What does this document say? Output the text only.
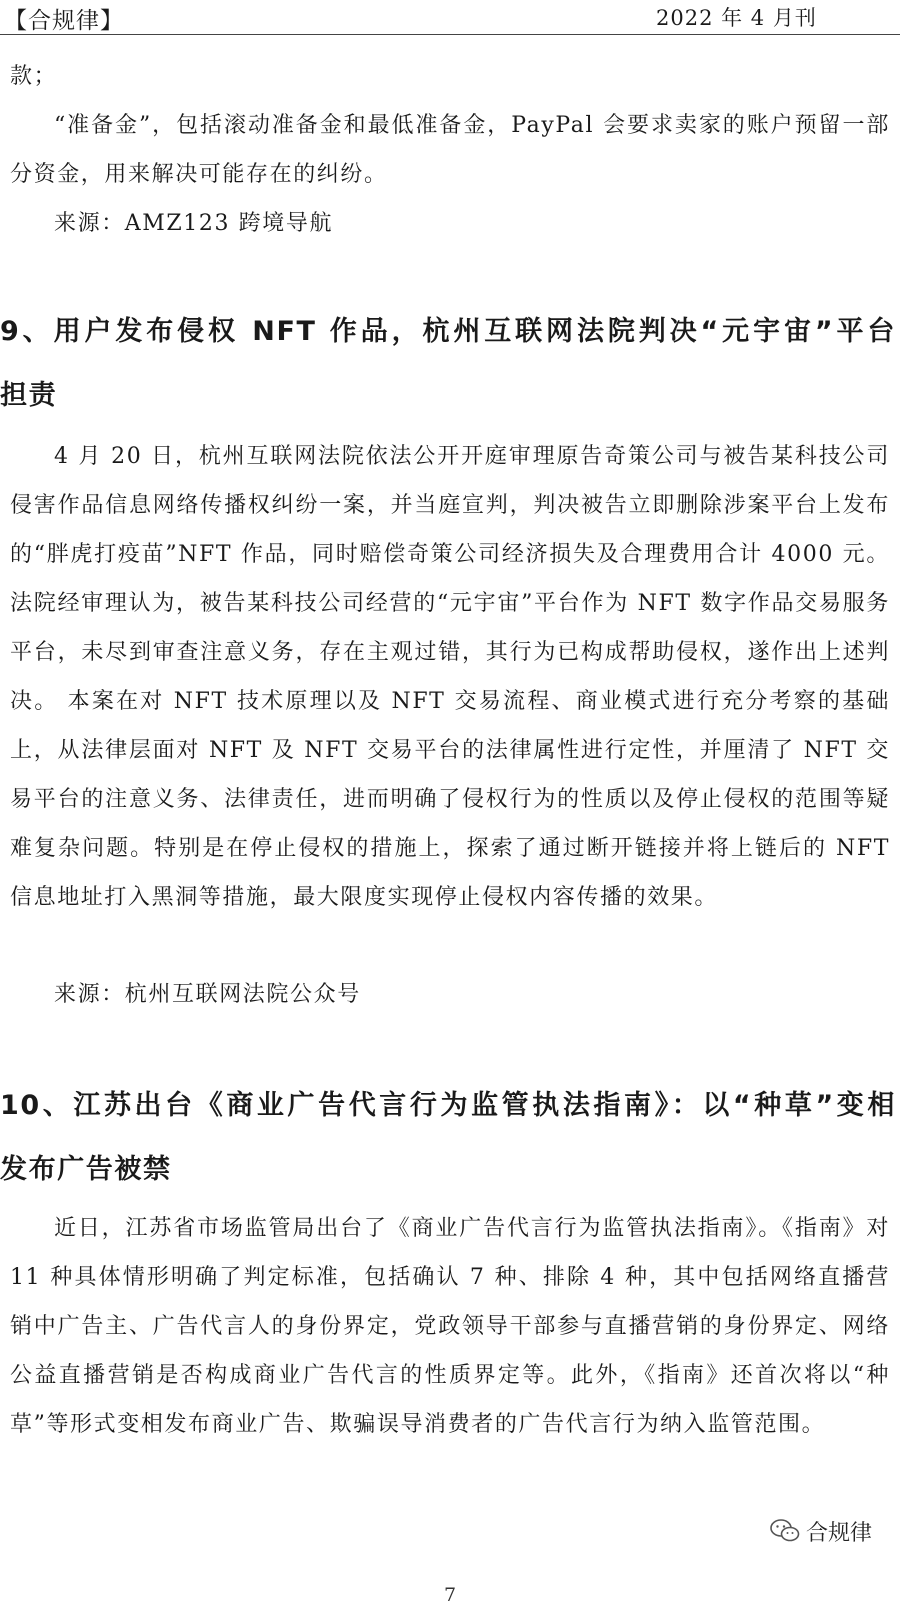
【合规律】	2022 年 4 月刊

款；

“准备金”，包括滚动准备金和最低准备金，PayPal 会要求卖家的账户预留一部分资金，用来解决可能存在的纠纷。

来源：AMZ123 跨境导航

9、用户发布侵权 NFT 作品，杭州互联网法院判决“元宇宙”平台
担责

4 月 20 日，杭州互联网法院依法公开开庭审理原告奇策公司与被告某科技公司侵害作品信息网络传播权纠纷一案，并当庭宣判，判决被告立即删除涉案平台上发布的“胖虎打疫苗”NFT 作品，同时赔偿奇策公司经济损失及合理费用合计 4000 元。 法院经审理认为，被告某科技公司经营的“元宇宙”平台作为 NFT 数字作品交易服务平台，未尽到审查注意义务，存在主观过错，其行为已构成帮助侵权，遂作出上述判决。 本案在对 NFT 技术原理以及 NFT 交易流程、商业模式进行充分考察的基础上，从法律层面对 NFT 及 NFT 交易平台的法律属性进行定性，并厘清了 NFT 交易平台的注意义务、法律责任，进而明确了侵权行为的性质以及停止侵权的范围等疑难复杂问题。特别是在停止侵权的措施上，探索了通过断开链接并将上链后的 NFT 信息地址打入黑洞等措施，最大限度实现停止侵权内容传播的效果。

来源：杭州互联网法院公众号

10、江苏出台《商业广告代言行为监管执法指南》：以“种草”变相
发布广告被禁

近日，江苏省市场监管局出台了《商业广告代言行为监管执法指南》。《指南》对 11 种具体情形明确了判定标准，包括确认 7 种、排除 4 种，其中包括网络直播营销中广告主、广告代言人的身份界定，党政领导干部参与直播营销的身份界定、网络公益直播营销是否构成商业广告代言的性质界定等。此外，《指南》还首次将以“种草”等形式变相发布商业广告、欺骗误导消费者的广告代言行为纳入监管范围。

合规律
7
